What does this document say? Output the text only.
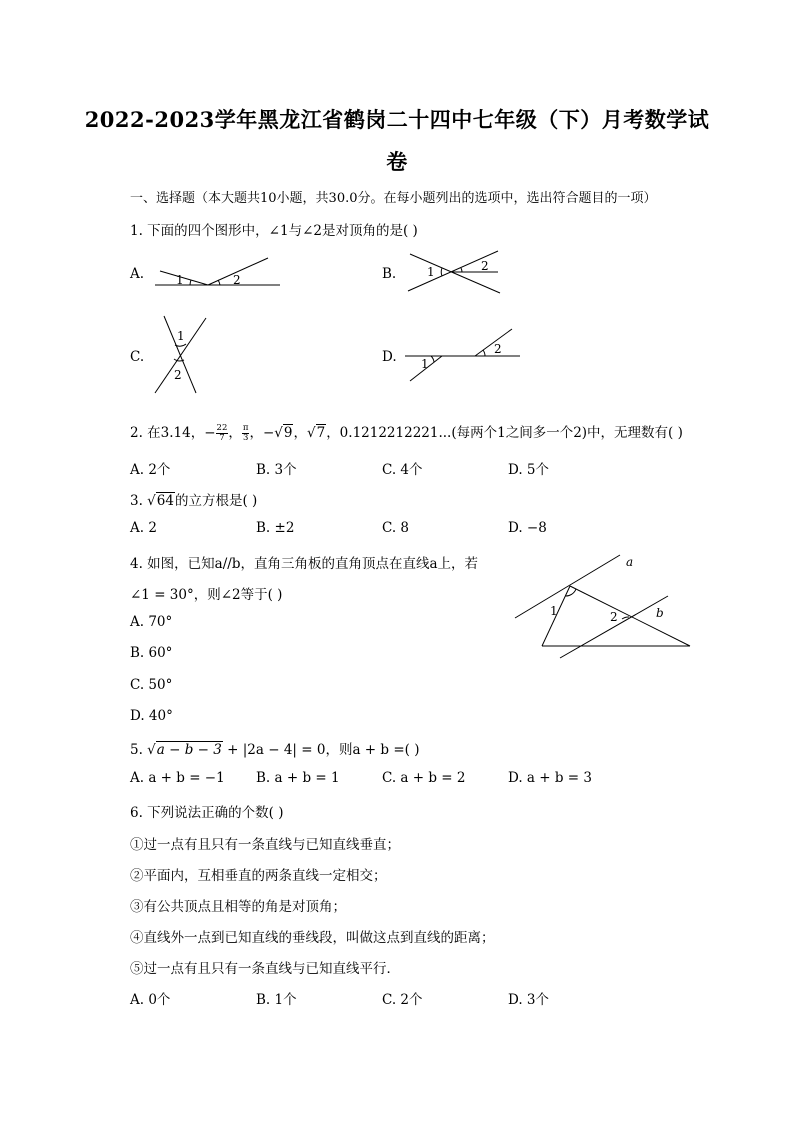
2022-2023学年黑龙江省鹤岗二十四中七年级（下）月考数学试
卷
一、选择题（本大题共10小题，共30.0分。在每小题列出的选项中，选出符合题目的一项）
1. 下面的四个图形中，∠1与∠2是对顶角的是( )
A.	1	2	B.	1	2
C.
1
2
D. 1
2
2. 在3.14，− $\frac{22}{7}$ ， $\frac{\pi}{3}$ ，−√9，√7，0.1212212221...(每两个1之间多一个2)中，无理数有( )
A. 2个	B. 3个	C. 4个	D. 5个
3. √64的立方根是( )
A. 2	B. ±2	C. 8	D. −8
4. 如图，已知a//b，直角三角板的直角顶点在直线a上，若
∠1 = 30°，则∠2等于( )
A. 70°
B. 60°
C. 50°
D. 40°
a
b
1	2
5. √a − b − 3 + |2a − 4| = 0，则a + b =( )
A. a + b = −1 B. a + b = 1	C. a + b = 2	D. a + b = 3
6. 下列说法正确的个数( )
①过一点有且只有一条直线与已知直线垂直；
②平面内，互相垂直的两条直线一定相交；
③有公共顶点且相等的角是对顶角；
④直线外一点到已知直线的垂线段，叫做这点到直线的距离；
⑤过一点有且只有一条直线与已知直线平行．
A. 0个	B. 1个	C. 2个	D. 3个
